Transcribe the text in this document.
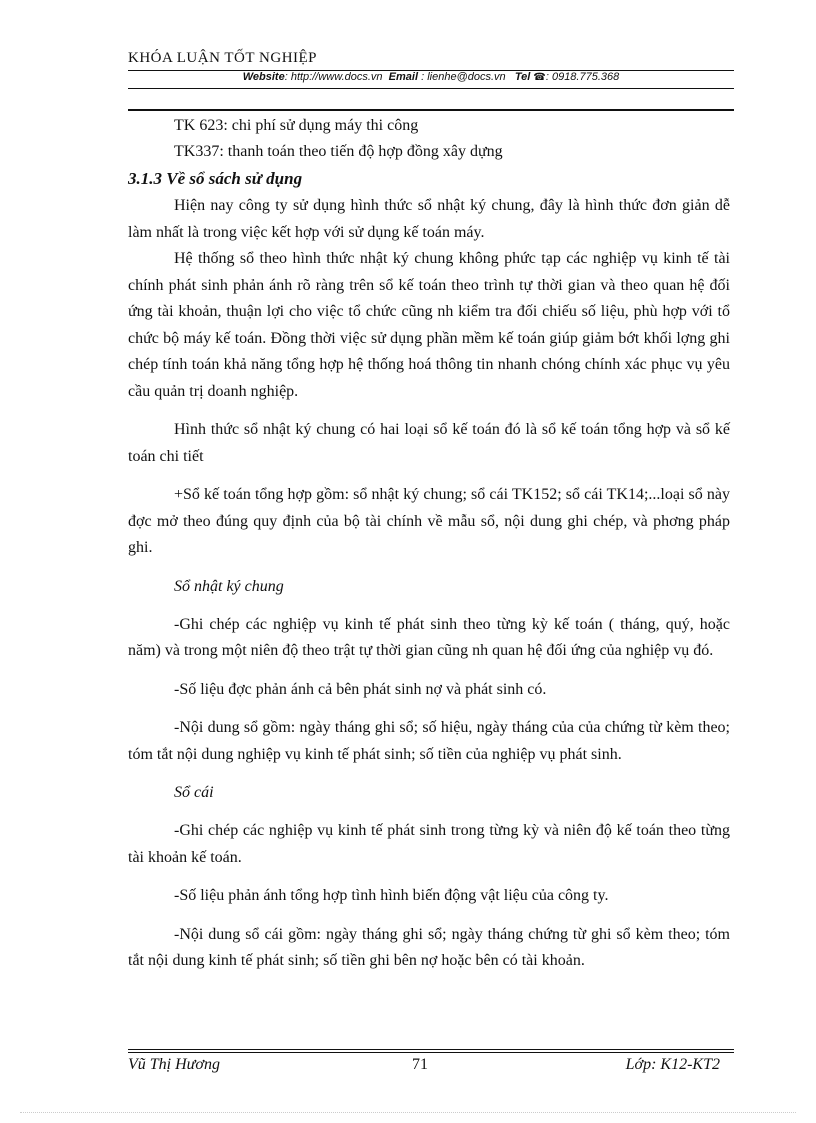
KHÓA LUẬN TỐT NGHIỆP
Website: http://www.docs.vn Email : lienhe@docs.vn Tel ☎: 0918.775.368

TK 623: chi phí sử dụng máy thi công

TK337: thanh toán theo tiến độ hợp đồng xây dựng

3.1.3 Về sổ sách sử dụng

Hiện nay công ty sử dụng hình thức sổ nhật ký chung, đây là hình thức đơn giản dễ làm nhất là trong việc kết hợp với sử dụng kế toán máy.

Hệ thống sổ theo hình thức nhật ký chung không phức tạp các nghiệp vụ kinh tế tài chính phát sinh phản ánh rõ ràng trên sổ kế toán theo trình tự thời gian và theo quan hệ đối ứng tài khoản, thuận lợi cho việc tổ chức cũng nh kiểm tra đối chiếu số liệu, phù hợp với tổ chức bộ máy kế toán. Đồng thời việc sử dụng phần mềm kế toán giúp giảm bớt khối lợng ghi chép tính toán khả năng tổng hợp hệ thống hoá thông tin nhanh chóng chính xác phục vụ yêu cầu quản trị doanh nghiệp.

Hình thức sổ nhật ký chung có hai loại sổ kế toán đó là sổ kế toán tổng hợp và sổ kế toán chi tiết

+Sổ kế toán tổng hợp gồm: sổ nhật ký chung; sổ cái TK152; sổ cái TK14;...loại sổ này đợc mở theo đúng quy định của bộ tài chính về mẫu sổ, nội dung ghi chép, và phơng pháp ghi.

Sổ nhật ký chung

-Ghi chép các nghiệp vụ kinh tế phát sinh theo từng kỳ kế toán ( tháng, quý, hoặc năm) và trong một niên độ theo trật tự thời gian cũng nh quan hệ đối ứng của nghiệp vụ đó.

-Số liệu đợc phản ánh cả bên phát sinh nợ và phát sinh có.

-Nội dung sổ gồm: ngày tháng ghi sổ; số hiệu, ngày tháng của của chứng từ kèm theo; tóm tắt nội dung nghiệp vụ kinh tế phát sinh; số tiền của nghiệp vụ phát sinh.

Sổ cái

-Ghi chép các nghiệp vụ kinh tế phát sinh trong từng kỳ và niên độ kế toán theo từng tài khoản kế toán.

-Số liệu phản ánh tổng hợp tình hình biến động vật liệu của công ty.

-Nội dung sổ cái gồm: ngày tháng ghi sổ; ngày tháng chứng từ ghi sổ kèm theo; tóm tắt nội dung kinh tế phát sinh; số tiền ghi bên nợ hoặc bên có tài khoản.

Vũ Thị Hương	71	Lớp: K12-KT2
